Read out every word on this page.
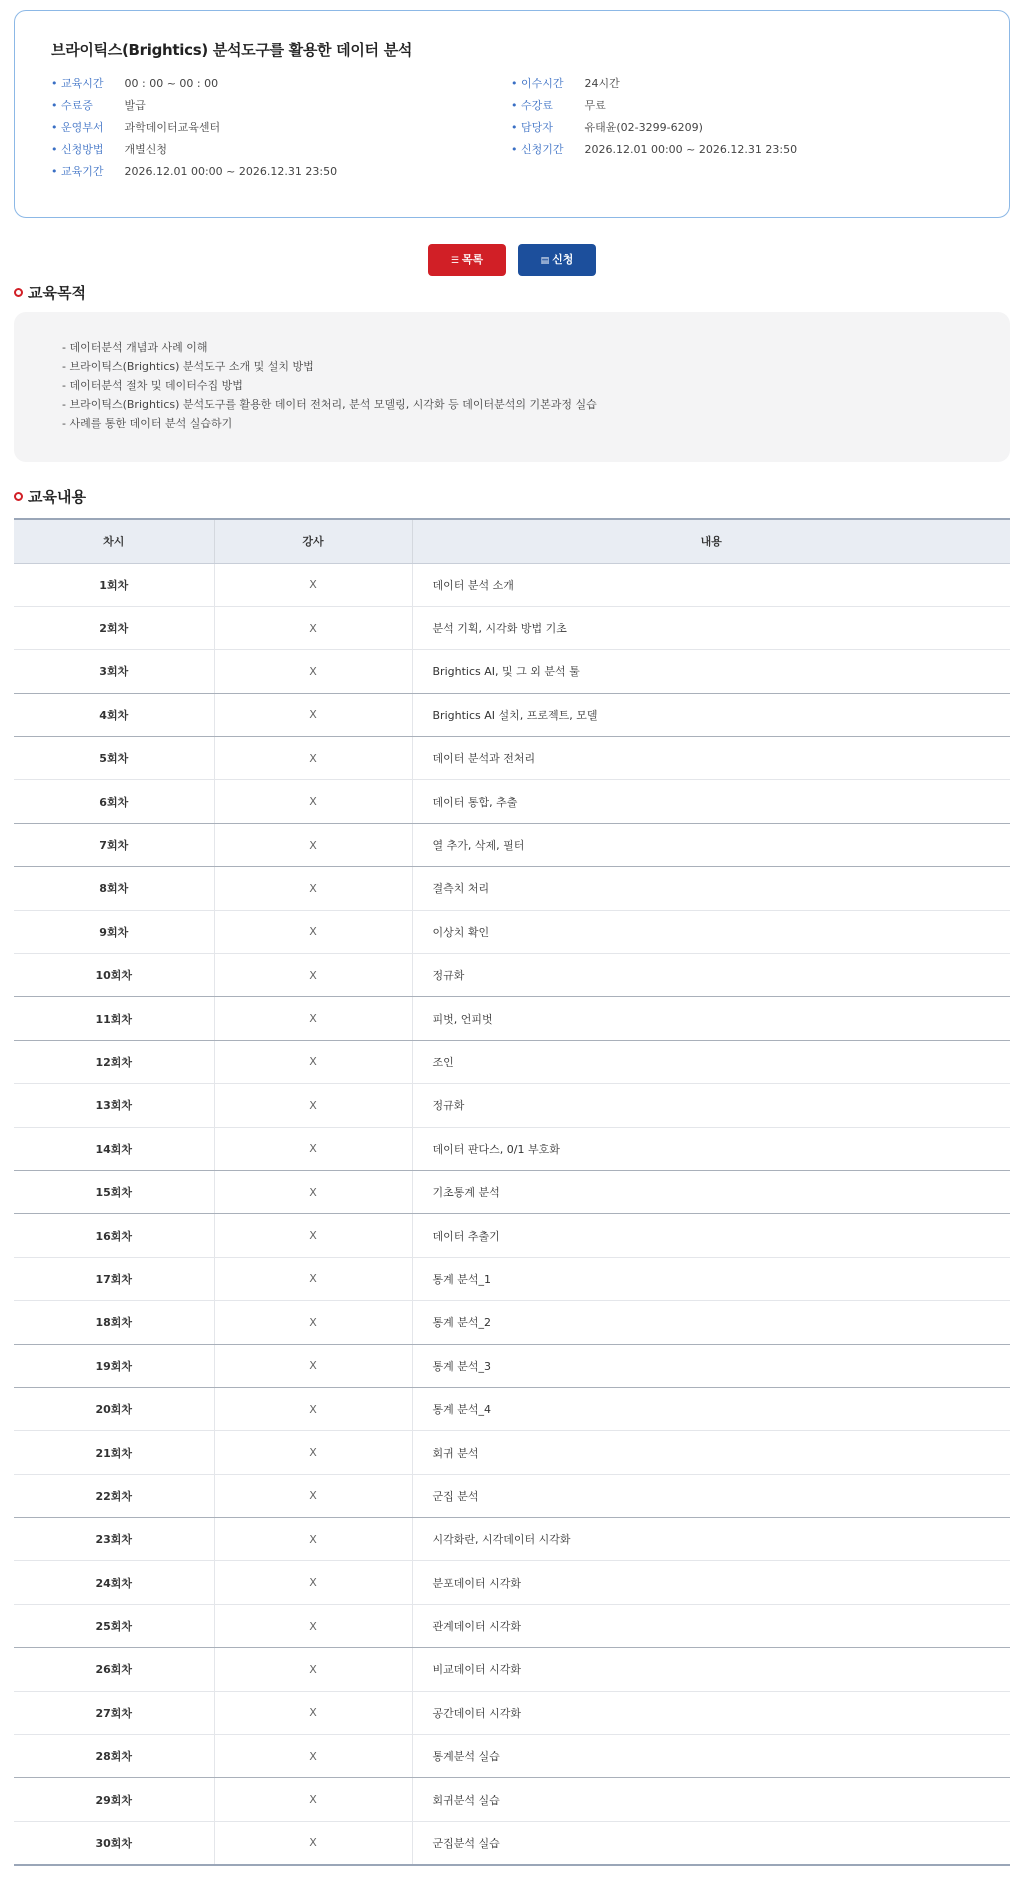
브라이틱스(Brightics) 분석도구를 활용한 데이터 분석
• 교육시간 00 : 00 ~ 00 : 00
• 수료증	발급
• 운영부서 과학데이터교육센터
• 신청방법 개별신청
• 교육기간 2026.12.01 00:00 ~ 2026.12.31 23:50
• 이수시간 24시간
• 수강료	무료
• 담당자	유태윤(02-3299-6209)
• 신청기간 2026.12.01 00:00 ~ 2026.12.31 23:50
☰ 목록	▤ 신청
교육목적
- 데이터분석 개념과 사례 이해
- 브라이틱스(Brightics) 분석도구 소개 및 설치 방법
- 데이터분석 절차 및 데이터수집 방법
- 브라이틱스(Brightics) 분석도구를 활용한 데이터 전처리, 분석 모델링, 시각화 등 데이터분석의 기본과정 실습
- 사례를 통한 데이터 분석 실습하기
교육내용
차시	강사	내용
1회차	X	데이터 분석 소개
2회차	X	분석 기획, 시각화 방법 기초
3회차	X	Brightics AI, 및 그 외 분석 툴
4회차	X	Brightics AI 설치, 프로젝트, 모델
5회차	X	데이터 분석과 전처리
6회차	X	데이터 통합, 추출
7회차	X	열 추가, 삭제, 필터
8회차	X	결측치 처리
9회차	X	이상치 확인
10회차	X	정규화
11회차	X	피벗, 언피벗
12회차	X	조인
13회차	X	정규화
14회차	X	데이터 판다스, 0/1 부호화
15회차	X	기초통계 분석
16회차	X	데이터 추출기
17회차	X	통계 분석_1
18회차	X	통계 분석_2
19회차	X	통계 분석_3
20회차	X	통계 분석_4
21회차	X	회귀 분석
22회차	X	군집 분석
23회차	X	시각화란, 시각데이터 시각화
24회차	X	분포데이터 시각화
25회차	X	관계데이터 시각화
26회차	X	비교데이터 시각화
27회차	X	공간데이터 시각화
28회차	X	통계분석 실습
29회차	X	회귀분석 실습
30회차	X	군집분석 실습
